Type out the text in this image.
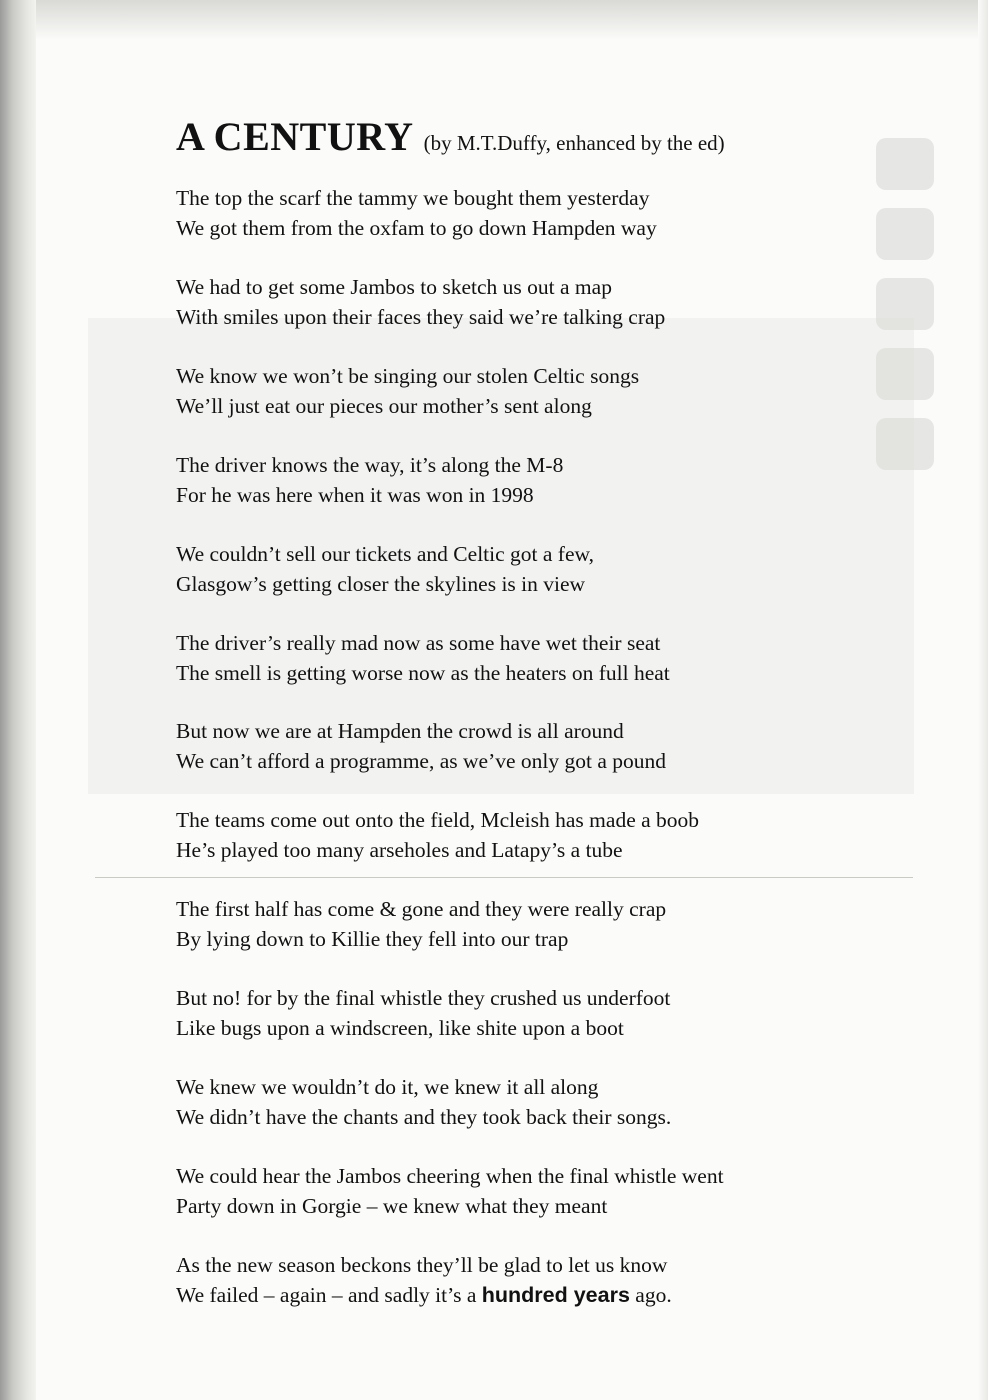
A CENTURY (by M.T.Duffy, enhanced by the ed)
The top the scarf the tammy we bought them yesterday
We got them from the oxfam to go down Hampden way
We had to get some Jambos to sketch us out a map
With smiles upon their faces they said we’re talking crap
We know we won’t be singing our stolen Celtic songs
We’ll just eat our pieces our mother’s sent along
The driver knows the way, it’s along the M-8
For he was here when it was won in 1998
We couldn’t sell our tickets and Celtic got a few,
Glasgow’s getting closer the skylines is in view
The driver’s really mad now as some have wet their seat
The smell is getting worse now as the heaters on full heat
But now we are at Hampden the crowd is all around
We can’t afford a programme, as we’ve only got a pound
The teams come out onto the field, Mcleish has made a boob
He’s played too many arseholes and Latapy’s a tube
The first half has come & gone and they were really crap
By lying down to Killie they fell into our trap
But no! for by the final whistle they crushed us underfoot
Like bugs upon a windscreen, like shite upon a boot
We knew we wouldn’t do it, we knew it all along
We didn’t have the chants and they took back their songs.
We could hear the Jambos cheering when the final whistle went
Party down in Gorgie – we knew what they meant
As the new season beckons they’ll be glad to let us know
We failed – again – and sadly it’s a hundred years ago.
